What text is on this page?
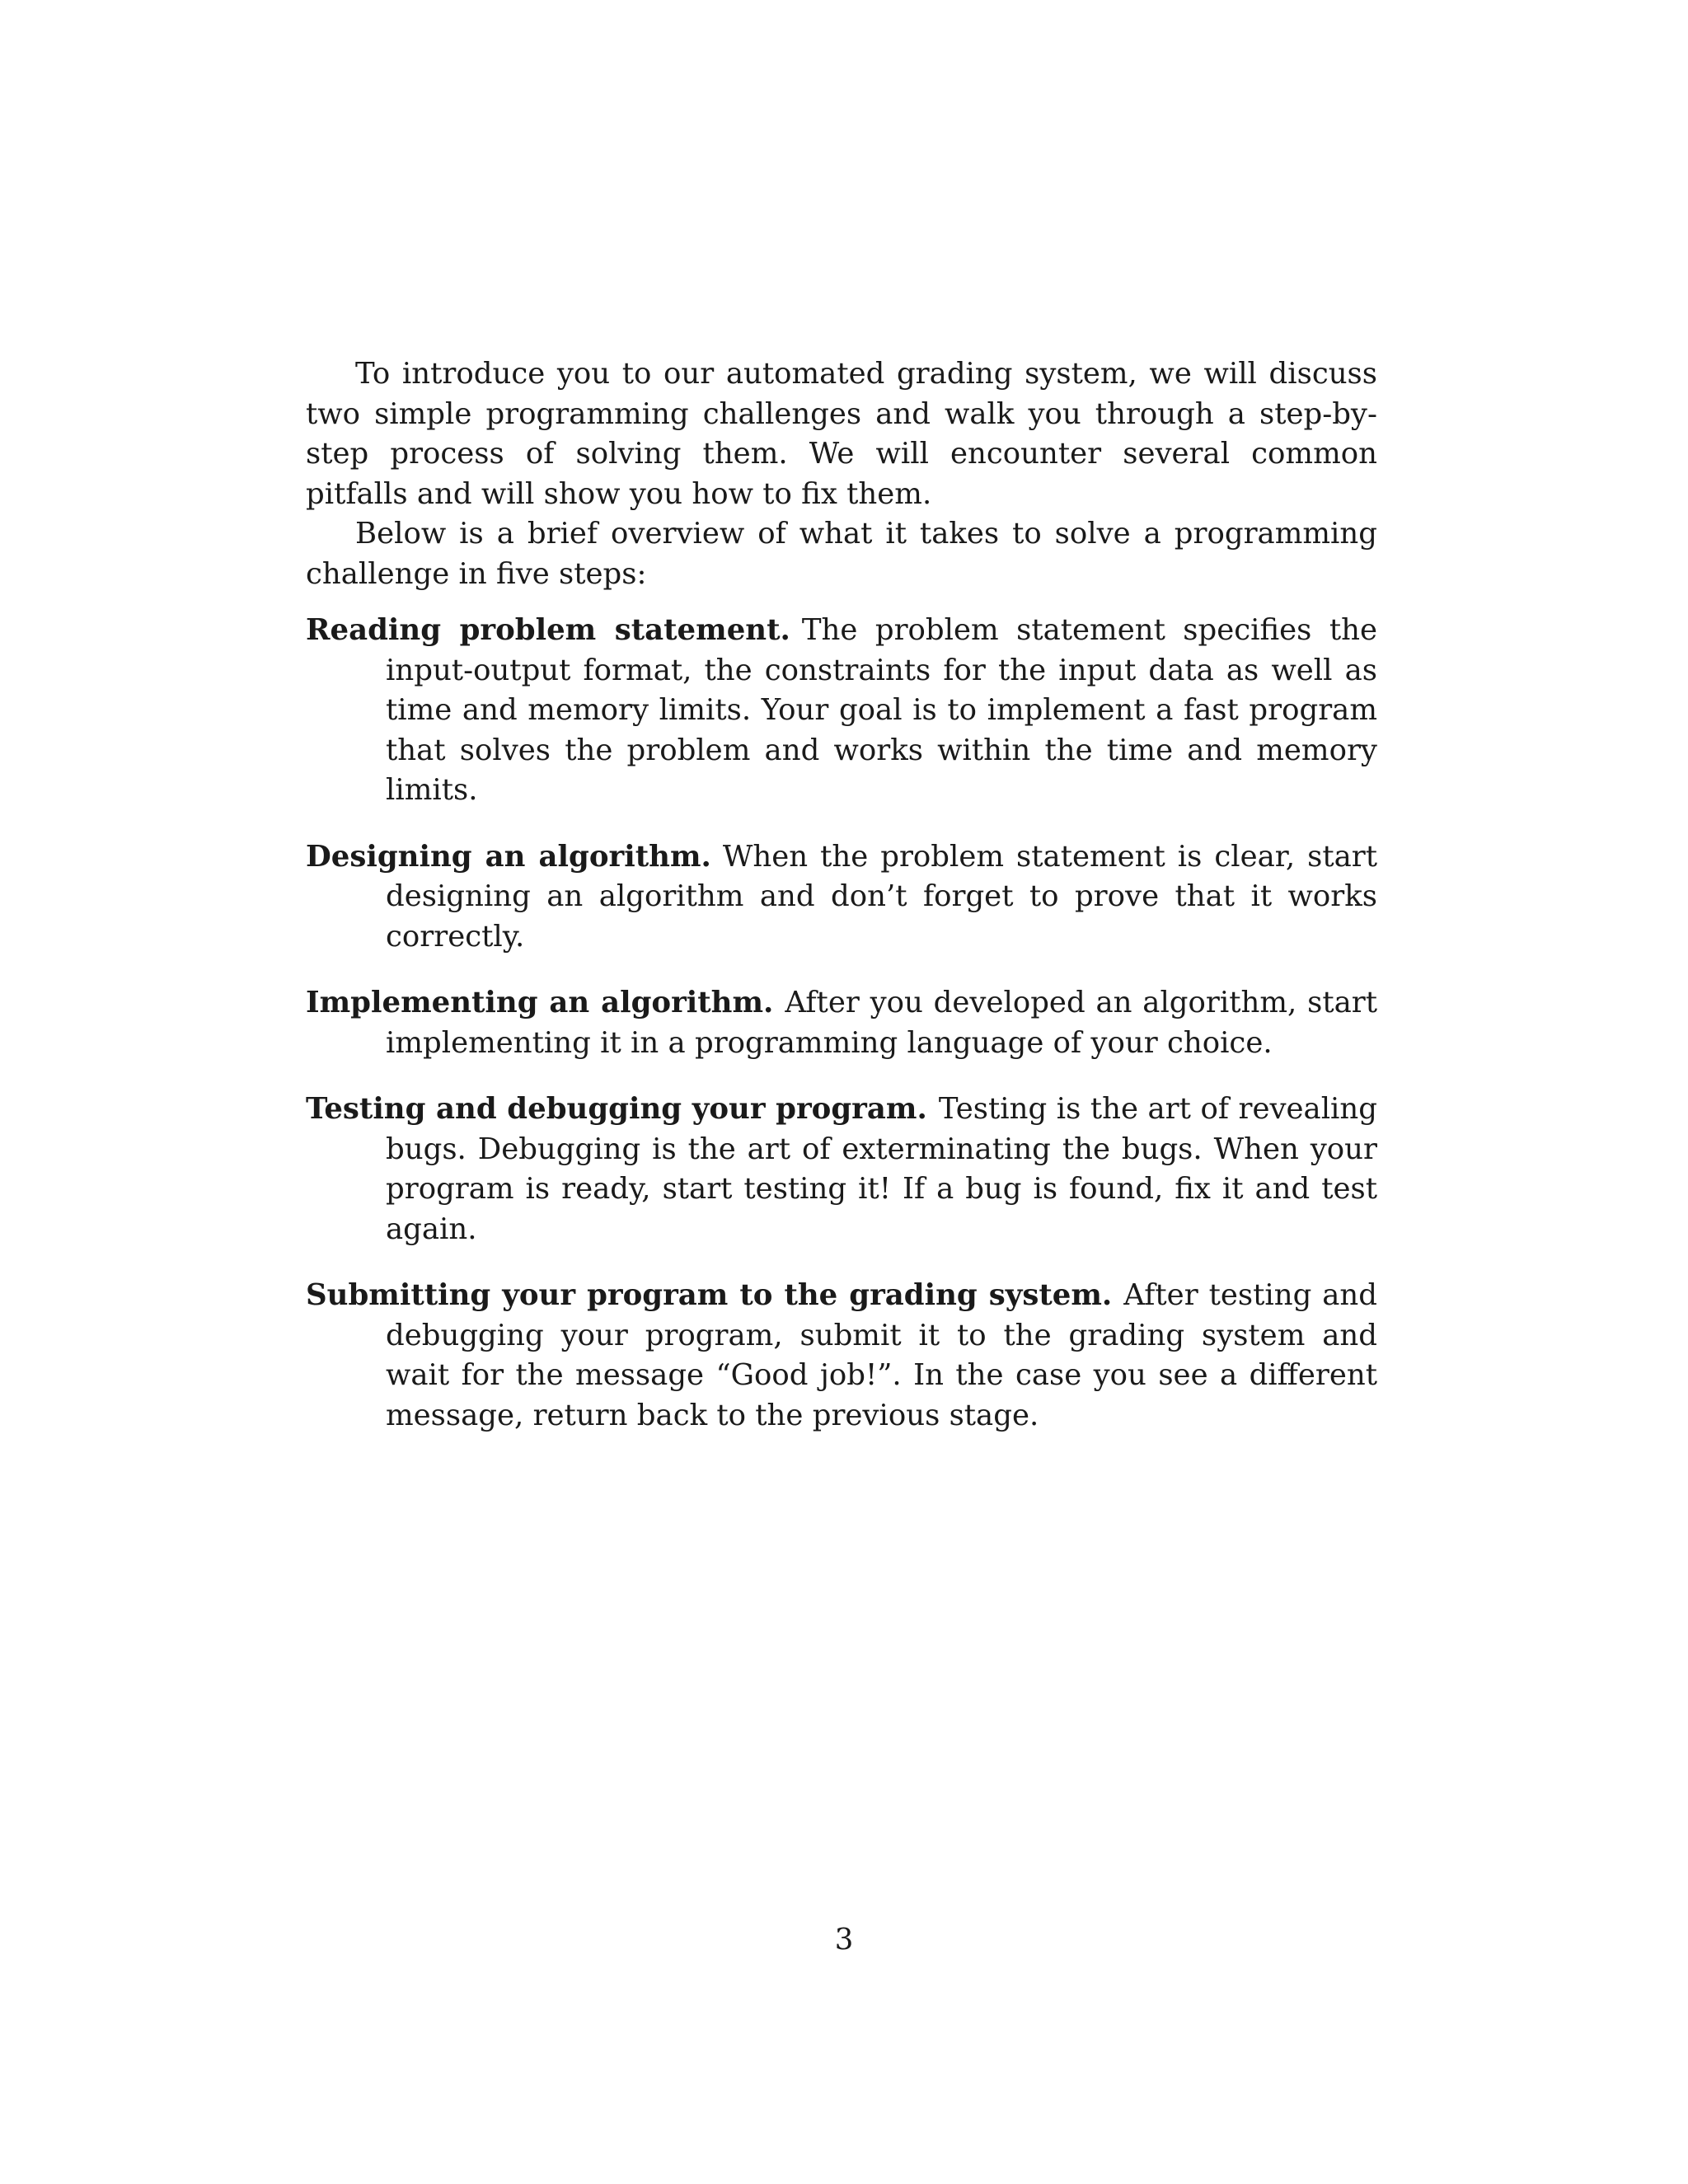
To introduce you to our automated grading system, we will discuss two simple programming challenges and walk you through a step-by-step process of solving them. We will encounter several common pitfalls and will show you how to fix them.

Below is a brief overview of what it takes to solve a programming challenge in five steps:

Reading problem statement. The problem statement specifies the input-output format, the constraints for the input data as well as time and memory limits. Your goal is to implement a fast program that solves the problem and works within the time and memory limits.

Designing an algorithm. When the problem statement is clear, start designing an algorithm and don’t forget to prove that it works correctly.

Implementing an algorithm. After you developed an algorithm, start implementing it in a programming language of your choice.

Testing and debugging your program. Testing is the art of revealing bugs. Debugging is the art of exterminating the bugs. When your program is ready, start testing it! If a bug is found, fix it and test again.

Submitting your program to the grading system. After testing and debugging your program, submit it to the grading system and wait for the message “Good job!”. In the case you see a different message, return back to the previous stage.

3
